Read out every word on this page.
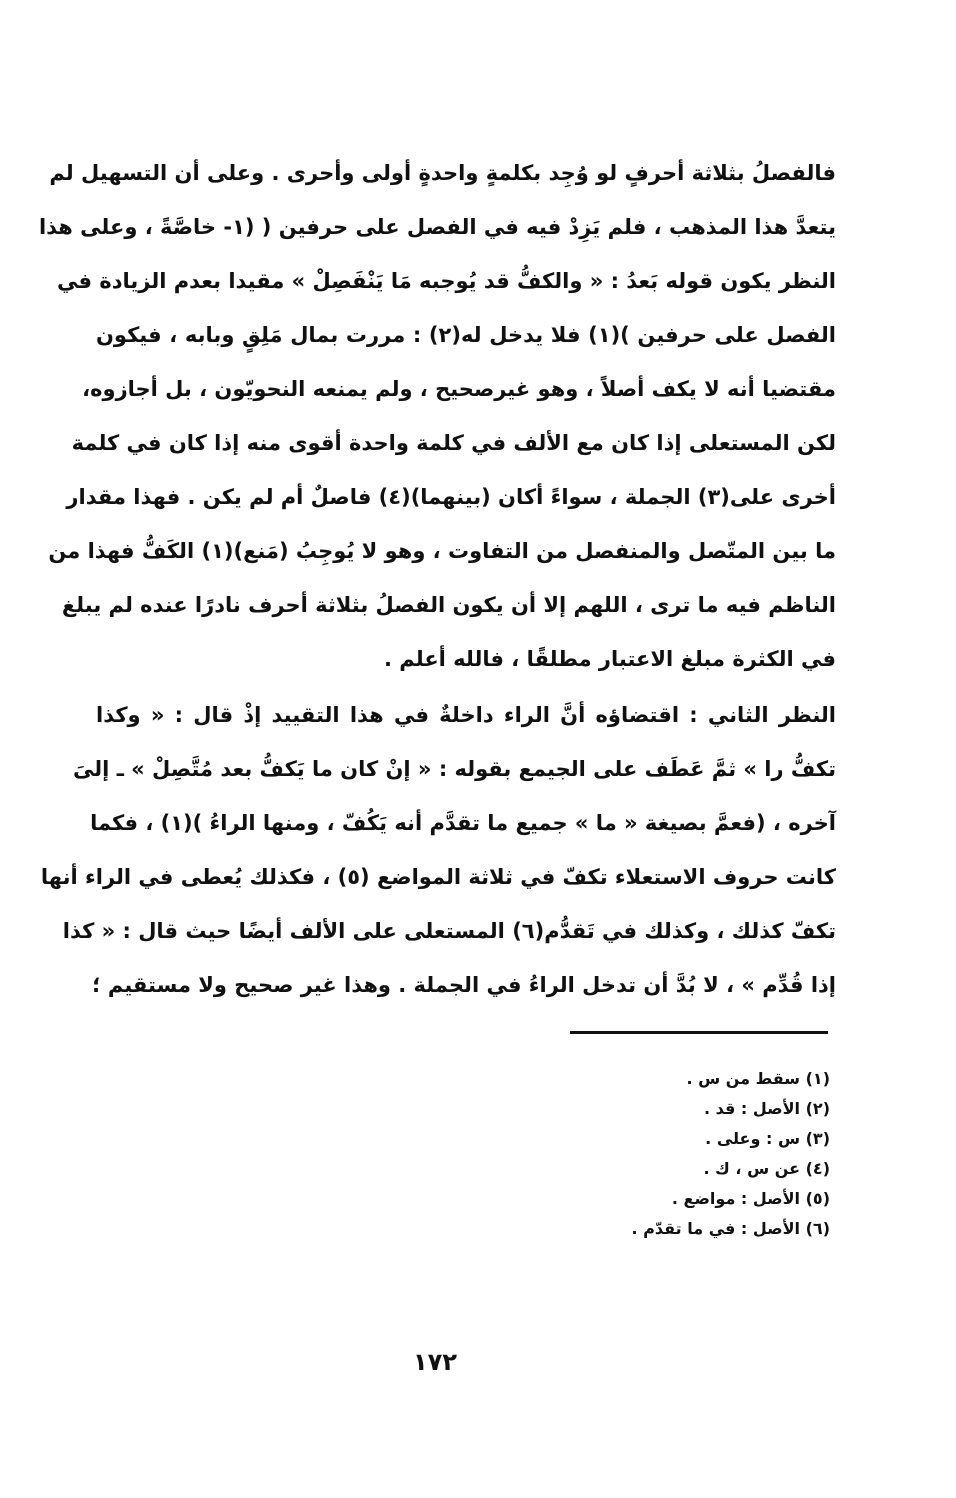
فالفصلُ بثلاثة أحرفٍ لو وُجِد بكلمةٍ واحدةٍ أولى وأحرى . وعلى أن التسهيل لم
يتعدَّ هذا المذهب ، فلم يَزِدْ فيه في الفصل على حرفين ( (١- خاصَّةً ، وعلى هذا
النظر يكون قوله بَعدُ : « والكفُّ قد يُوجبه مَا يَنْفَصِلْ » مقيدا بعدم الزيادة في
الفصل على حرفين )(١) فلا يدخل له(٢) : مررت بمال مَلِقٍ وبابه ، فيكون
مقتضيا أنه لا يكف أصلاً ، وهو غيرصحيح ، ولم يمنعه النحويّون ، بل أجازوه،
لكن المستعلى إذا كان مع الألف في كلمة واحدة أقوى منه إذا كان في كلمة
أخرى على(٣) الجملة ، سواءً أكان (بينهما)(٤) فاصلٌ أم لم يكن . فهذا مقدار
ما بين المتّصل والمنفصل من التفاوت ، وهو لا يُوجِبُ (مَنع)(١) الكَفُّ فهذا من
الناظم فيه ما ترى ، اللهم إلا أن يكون الفصلُ بثلاثة أحرف نادرًا عنده لم يبلغ
في الكثرة مبلغ الاعتبار مطلقًا ، فالله أعلم .
النظر الثاني : اقتضاؤه أنَّ الراء داخلةٌ في هذا التقييد إذْ قال : « وكذا
تكفُّ را » ثمَّ عَطَف على الجيمع بقوله : « إنْ كان ما يَكفُّ بعد مُتَّصِلْ » ـ إلىَ
آخره ، (فعمَّ بصيغة « ما » جميع ما تقدَّم أنه يَكُفّ ، ومنها الراءُ )(١) ، فكما
كانت حروف الاستعلاء تكفّ في ثلاثة المواضع (٥) ، فكذلك يُعطى في الراء أنها
تكفّ كذلك ، وكذلك في تَقدُّم(٦) المستعلى على الألف أيضًا حيث قال : « كذا
إذا قُدِّم » ، لا بُدَّ أن تدخل الراءُ في الجملة . وهذا غير صحيح ولا مستقيم ؛
(١) سقط من س .
(٢) الأصل : قد .
(٣) س : وعلى .
(٤) عن س ، ك .
(٥) الأصل : مواضع .
(٦) الأصل : في ما تقدّم .
١٧٢
